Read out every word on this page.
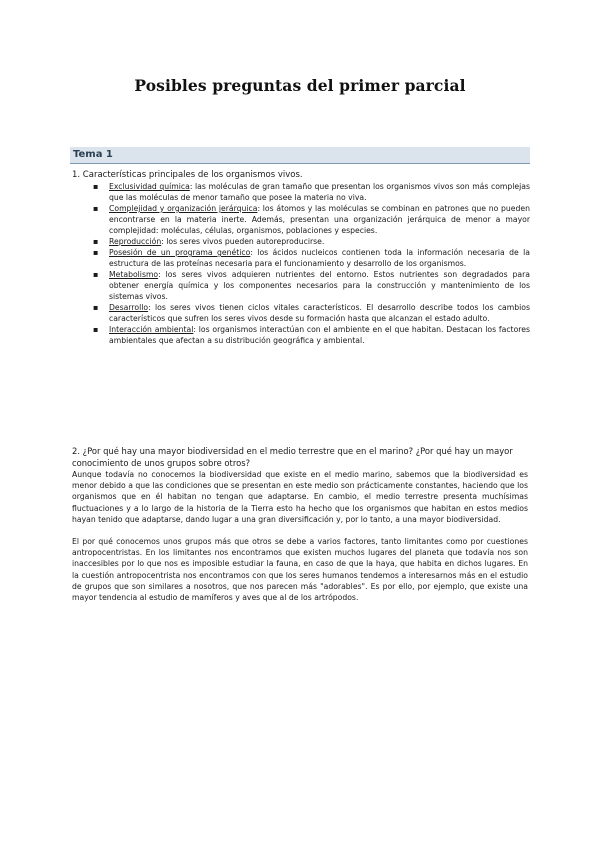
Posibles preguntas del primer parcial
Tema 1
1. Características principales de los organismos vivos.
▪ Exclusividad química: las moléculas de gran tamaño que presentan los organismos vivos son más complejas que las moléculas de menor tamaño que posee la materia no viva.
▪ Complejidad y organización jerárquica: los átomos y las moléculas se combinan en patrones que no pueden encontrarse en la materia inerte. Además, presentan una organización jerárquica de menor a mayor complejidad: moléculas, células, organismos, poblaciones y especies.
▪ Reproducción: los seres vivos pueden autoreproducirse.
▪ Posesión de un programa genético: los ácidos nucleicos contienen toda la información necesaria de la estructura de las proteínas necesaria para el funcionamiento y desarrollo de los organismos.
▪ Metabolismo: los seres vivos adquieren nutrientes del entorno. Estos nutrientes son degradados para obtener energía química y los componentes necesarios para la construcción y mantenimiento de los sistemas vivos.
▪ Desarrollo: los seres vivos tienen ciclos vitales característicos. El desarrollo describe todos los cambios característicos que sufren los seres vivos desde su formación hasta que alcanzan el estado adulto.
▪ Interacción ambiental: los organismos interactúan con el ambiente en el que habitan. Destacan los factores ambientales que afectan a su distribución geográfica y ambiental.
2. ¿Por qué hay una mayor biodiversidad en el medio terrestre que en el marino? ¿Por qué hay un mayor conocimiento de unos grupos sobre otros?
Aunque todavía no conocemos la biodiversidad que existe en el medio marino, sabemos que la biodiversidad es menor debido a que las condiciones que se presentan en este medio son prácticamente constantes, haciendo que los organismos que en él habitan no tengan que adaptarse. En cambio, el medio terrestre presenta muchísimas fluctuaciones y a lo largo de la historia de la Tierra esto ha hecho que los organismos que habitan en estos medios hayan tenido que adaptarse, dando lugar a una gran diversificación y, por lo tanto, a una mayor biodiversidad.
El por qué conocemos unos grupos más que otros se debe a varios factores, tanto limitantes como por cuestiones antropocentristas. En los limitantes nos encontramos que existen muchos lugares del planeta que todavía nos son inaccesibles por lo que nos es imposible estudiar la fauna, en caso de que la haya, que habita en dichos lugares. En la cuestión antropocentrista nos encontramos con que los seres humanos tendemos a interesarnos más en el estudio de grupos que son similares a nosotros, que nos parecen más "adorables". Es por ello, por ejemplo, que existe una mayor tendencia al estudio de mamíferos y aves que al de los artrópodos.
